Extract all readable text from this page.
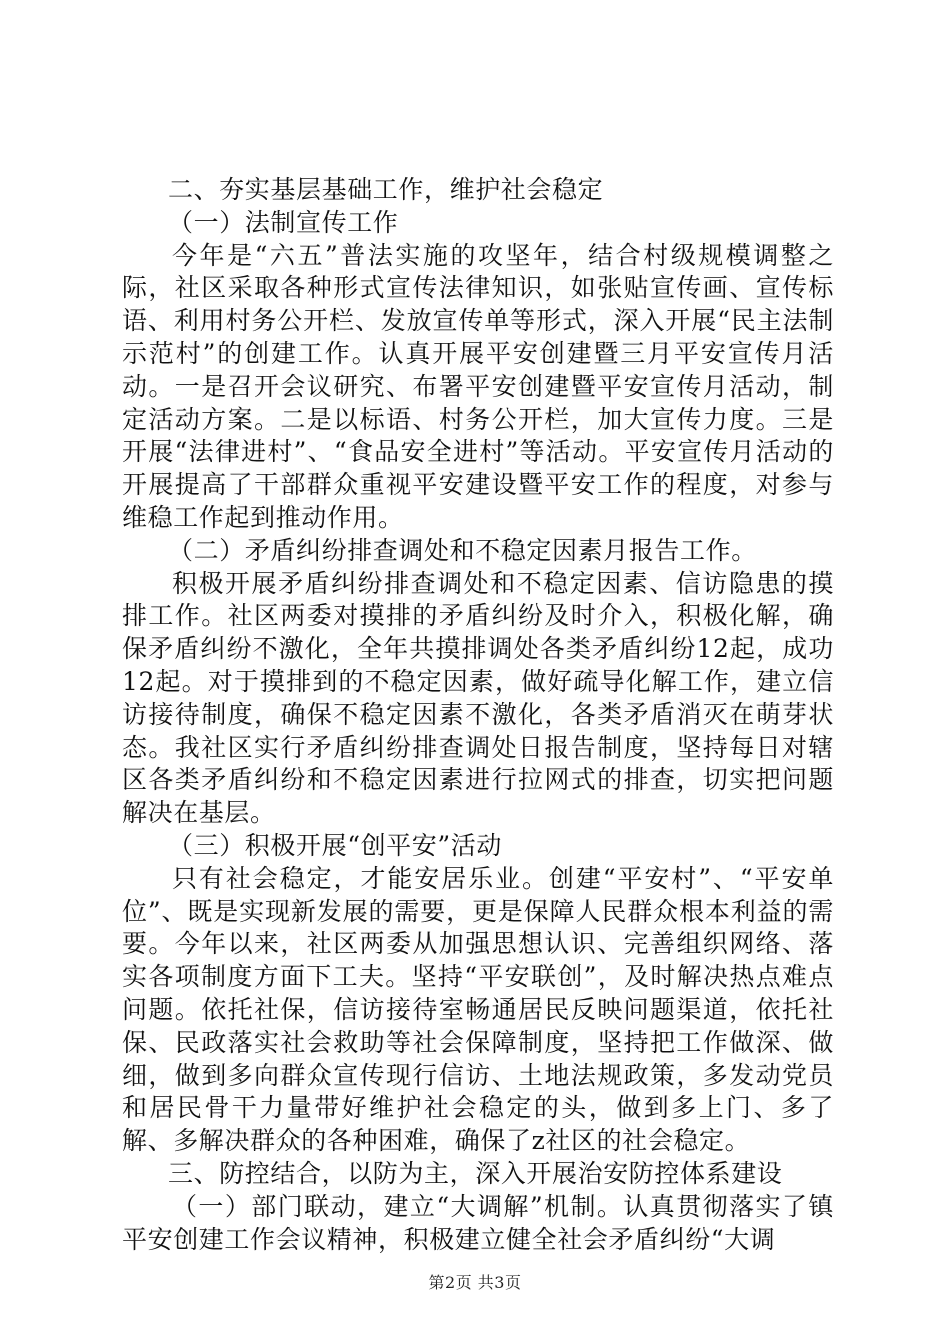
二、夯实基层基础工作，维护社会稳定

（一）法制宣传工作

今年是“六五”普法实施的攻坚年，结合村级规模调整之际，社区采取各种形式宣传法律知识，如张贴宣传画、宣传标语、利用村务公开栏、发放宣传单等形式，深入开展“民主法制示范村”的创建工作。认真开展平安创建暨三月平安宣传月活动。一是召开会议研究、布署平安创建暨平安宣传月活动，制定活动方案。二是以标语、村务公开栏，加大宣传力度。三是开展“法律进村”、“食品安全进村”等活动。平安宣传月活动的开展提高了干部群众重视平安建设暨平安工作的程度，对参与维稳工作起到推动作用。

（二）矛盾纠纷排查调处和不稳定因素月报告工作。

积极开展矛盾纠纷排查调处和不稳定因素、信访隐患的摸排工作。社区两委对摸排的矛盾纠纷及时介入，积极化解，确保矛盾纠纷不激化，全年共摸排调处各类矛盾纠纷12起，成功12起。对于摸排到的不稳定因素，做好疏导化解工作，建立信访接待制度，确保不稳定因素不激化，各类矛盾消灭在萌芽状态。我社区实行矛盾纠纷排查调处日报告制度，坚持每日对辖区各类矛盾纠纷和不稳定因素进行拉网式的排查，切实把问题解决在基层。

（三）积极开展“创平安”活动

只有社会稳定，才能安居乐业。创建“平安村”、“平安单位”、既是实现新发展的需要，更是保障人民群众根本利益的需要。今年以来，社区两委从加强思想认识、完善组织网络、落实各项制度方面下工夫。坚持“平安联创”，及时解决热点难点问题。依托社保，信访接待室畅通居民反映问题渠道，依托社保、民政落实社会救助等社会保障制度，坚持把工作做深、做细，做到多向群众宣传现行信访、土地法规政策，多发动党员和居民骨干力量带好维护社会稳定的头，做到多上门、多了解、多解决群众的各种困难，确保了z社区的社会稳定。

三、防控结合，以防为主，深入开展治安防控体系建设

（一）部门联动，建立“大调解”机制。认真贯彻落实了镇平安创建工作会议精神，积极建立健全社会矛盾纠纷“大调

第2页 共3页
